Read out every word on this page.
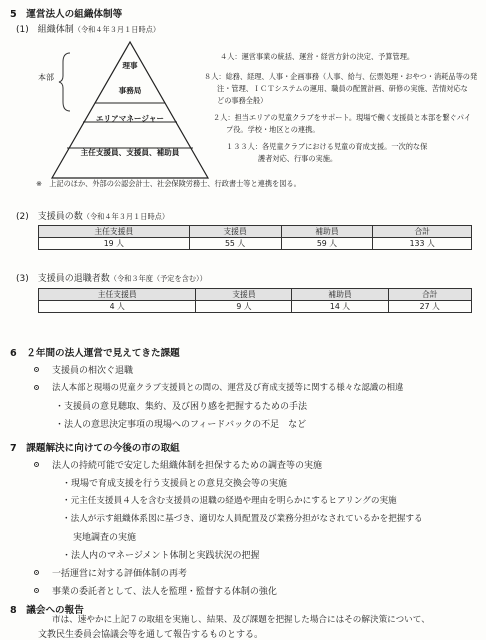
5　運営法人の組織体制等
(1)　組織体制（令和４年３月１日時点）
本部
理事
事務局
エリアマネージャー
主任支援員、支援員、補助員
４人：運営事業の統括、運営・経営方針の決定、予算管理。
８人：総務、経理、人事・企画事務（人事、給与、伝票処理・おやつ・消耗品等の発
注・管理、ＩＣＴシステムの運用、職員の配置計画、研修の実施、苦情対応な
どの事務全般）
２人：担当エリアの児童クラブをサポート。現場で働く支援員と本部を繋ぐパイ
プ役。学校・地区との連携。
１３３人：各児童クラブにおける児童の育成支援。一次的な保
護者対応、行事の実施。
※　上記のほか、外部の公認会計士、社会保険労務士、行政書士等と連携を図る。
(2)　支援員の数（令和４年３月１日時点）
主任支援員	支援員	補助員	合計
19 人	55 人	59 人	133 人
(3)　支援員の退職者数（令和３年度（予定を含む））
主任支援員	支援員	補助員	合計
4 人	9 人	14 人	27 人
6　２年間の法人運営で見えてきた課題
支援員の相次ぐ退職
法人本部と現場の児童クラブ支援員との間の、運営及び育成支援等に関する様々な認識の相違
・支援員の意見聴取、集約、及び困り感を把握するための手法
・法人の意思決定事項の現場へのフィードバックの不足　など
7　課題解決に向けての今後の市の取組
法人の持続可能で安定した組織体制を担保するための調査等の実施
・現場で育成支援を行う支援員との意見交換会等の実施
・元主任支援員４人を含む支援員の退職の経過や理由を明らかにするヒアリングの実施
・法人が示す組織体系図に基づき、適切な人員配置及び業務分担がなされているかを把握する
実地調査の実施
・法人内のマネージメント体制と実践状況の把握
一括運営に対する評価体制の再考
事業の委託者として、法人を監理・監督する体制の強化
8　議会への報告
市は、速やかに上記７の取組を実施し、結果、及び課題を把握した場合にはその解決策について、
文教民生委員会協議会等を通して報告するものとする。
